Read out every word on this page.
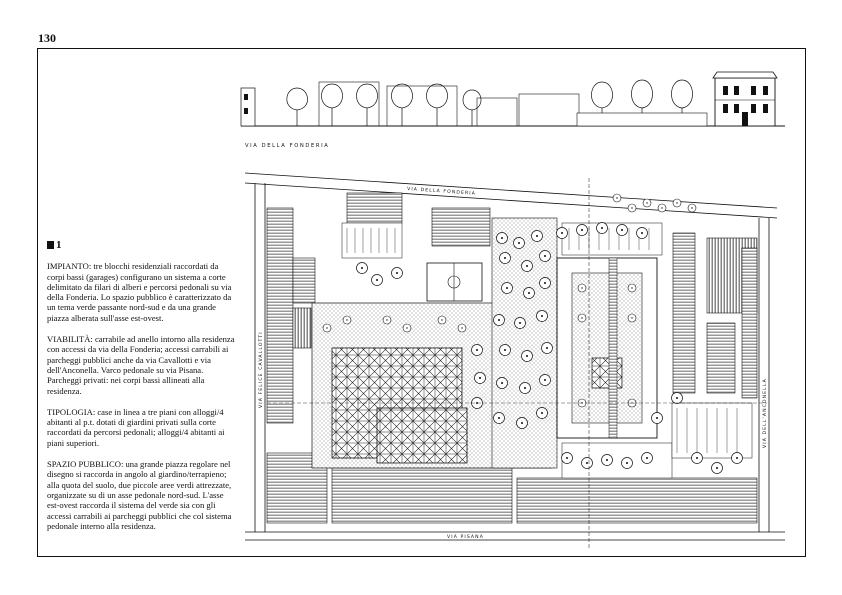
130
1

IMPIANTO: tre blocchi residenziali raccordati da corpi bassi (garages) configurano un sistema a corte delimitato da filari di alberi e percorsi pedonali su via della Fonderia. Lo spazio pubblico è caratterizzato da un tema verde passante nord-sud e da una grande piazza alberata sull'asse est-ovest.

VIABILITÀ: carrabile ad anello intorno alla residenza con accessi da via della Fonderia; accessi carrabili ai parcheggi pubblici anche da via Cavallotti e via dell'Anconella. Varco pedonale su via Pisana.
Parcheggi privati: nei corpi bassi allineati alla residenza.

TIPOLOGIA: case in linea a tre piani con alloggi/4 abitanti al p.t. dotati di giardini privati sulla corte raccordati da percorsi pedonali; alloggi/4 abitanti ai piani superiori.

SPAZIO PUBBLICO: una grande piazza regolare nel disegno si raccorda in angolo al giardino/terrapieno; alla quota del suolo, due piccole aree verdi attrezzate, organizzate su di un asse pedonale nord-sud. L'asse est-ovest raccorda il sistema del verde sia con gli accessi carrabili ai parcheggi pubblici che col sistema pedonale interno alla residenza.

VIA DELLA FONDERIA
VIA DELLA FONDERIA
VIA FELICE CAVALLOTTI
VIA DELL'ANCONELLA
VIA PISANA
